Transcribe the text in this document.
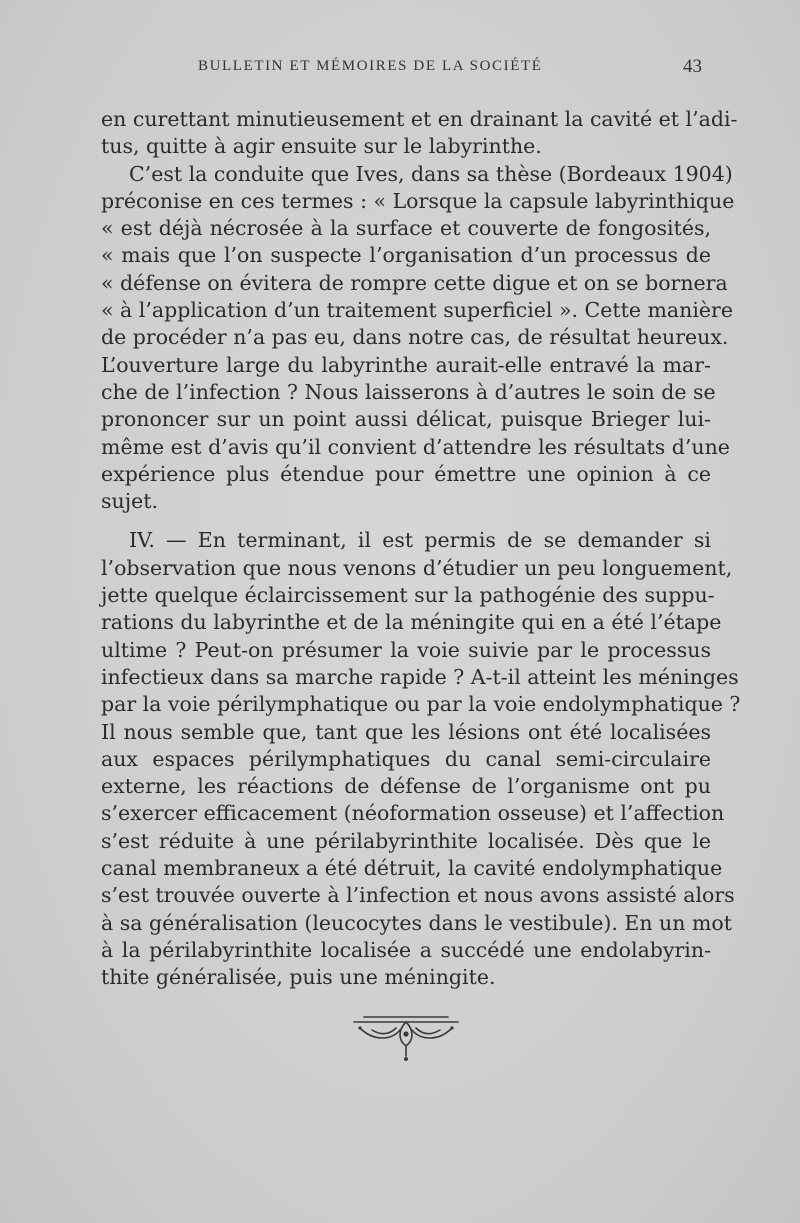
BULLETIN ET MÉMOIRES DE LA SOCIÉTÉ	43
en curettant minutieusement et en drainant la cavité et l’adi-
tus, quitte à agir ensuite sur le labyrinthe.
C’est la conduite que Ives, dans sa thèse (Bordeaux 1904)
préconise en ces termes : « Lorsque la capsule labyrinthique
« est déjà nécrosée à la surface et couverte de fongosités,
« mais que l’on suspecte l’organisation d’un processus de
« défense on évitera de rompre cette digue et on se bornera
« à l’application d’un traitement superficiel ». Cette manière
de procéder n’a pas eu, dans notre cas, de résultat heureux.
L’ouverture large du labyrinthe aurait-elle entravé la mar-
che de l’infection ? Nous laisserons à d’autres le soin de se
prononcer sur un point aussi délicat, puisque Brieger lui-
même est d’avis qu’il convient d’attendre les résultats d’une
expérience plus étendue pour émettre une opinion à ce
sujet.
IV. — En terminant, il est permis de se demander si
l’observation que nous venons d’étudier un peu longuement,
jette quelque éclaircissement sur la pathogénie des suppu-
rations du labyrinthe et de la méningite qui en a été l’étape
ultime ? Peut-on présumer la voie suivie par le processus
infectieux dans sa marche rapide ? A-t-il atteint les méninges
par la voie périlymphatique ou par la voie endolymphatique ?
Il nous semble que, tant que les lésions ont été localisées
aux espaces périlymphatiques du canal semi-circulaire
externe, les réactions de défense de l’organisme ont pu
s’exercer efficacement (néoformation osseuse) et l’affection
s’est réduite à une périlabyrinthite localisée. Dès que le
canal membraneux a été détruit, la cavité endolymphatique
s’est trouvée ouverte à l’infection et nous avons assisté alors
à sa généralisation (leucocytes dans le vestibule). En un mot
à la périlabyrinthite localisée a succédé une endolabyrin-
thite généralisée, puis une méningite.
